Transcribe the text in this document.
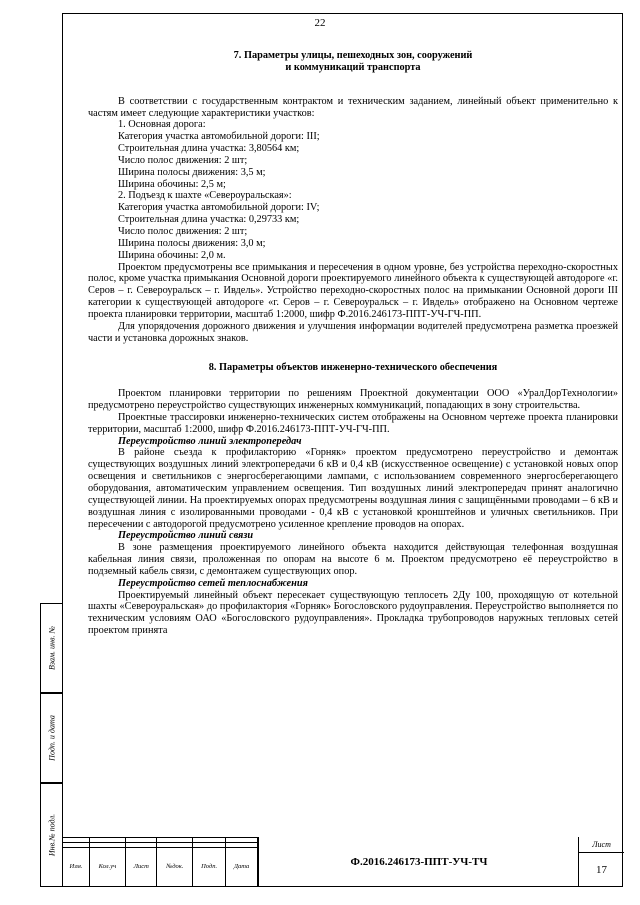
Взам. инв. №
Подп. и дата
Инв.№ подл.
22

7. Параметры улицы, пешеходных зон, сооружений
и коммуникаций транспорта

В соответствии с государственным контрактом и техническим заданием, линейный объект применительно к частям имеет следующие характеристики участков:

1. Основная дорога:

Категория участка автомобильной дороги: III;

Строительная длина участка: 3,80564 км;

Число полос движения: 2 шт;

Ширина полосы движения: 3,5 м;

Ширина обочины: 2,5 м;

2. Подъезд к шахте «Североуральская»:

Категория участка автомобильной дороги: IV;

Строительная длина участка: 0,29733 км;

Число полос движения: 2 шт;

Ширина полосы движения: 3,0 м;

Ширина обочины: 2,0 м.

Проектом предусмотрены все примыкания и пересечения в одном уровне, без устройства переходно-скоростных полос, кроме участка примыкания Основной дороги проектируемого линейного объекта к существующей автодороге «г. Серов – г. Североуральск – г. Ивдель». Устройство переходно-скоростных полос на примыкании Основной дороги III категории к существующей автодороге «г. Серов – г. Североуральск – г. Ивдель» отображено на Основном чертеже проекта планировки территории, масштаб 1:2000, шифр Ф.2016.246173-ППТ-УЧ-ГЧ-ПП.

Для упорядочения дорожного движения и улучшения информации водителей предусмотрена разметка проезжей части и установка дорожных знаков.

8. Параметры объектов инженерно-технического обеспечения

Проектом планировки территории по решениям Проектной документации ООО «УралДорТехнологии» предусмотрено переустройство существующих инженерных коммуникаций, попадающих в зону строительства.

Проектные трассировки инженерно-технических систем отображены на Основном чертеже проекта планировки территории, масштаб 1:2000, шифр Ф.2016.246173-ППТ-УЧ-ГЧ-ПП.

Переустройство линий электропередач

В районе съезда к профилакторию «Горняк» проектом предусмотрено переустройство и демонтаж существующих воздушных линий электропередачи 6 кВ и 0,4 кВ (искусственное освещение) с установкой новых опор освещения и светильников с энергосберегающими лампами, с использованием современного энергосберегающего оборудования, автоматическим управлением освещения. Тип воздушных линий электропередач принят аналогично существующей линии. На проектируемых опорах предусмотрены воздушная линия с защищёнными проводами – 6 кВ и воздушная линия с изолированными проводами - 0,4 кВ с установкой кронштейнов и уличных светильников. При пересечении с автодорогой предусмотрено усиленное крепление проводов на опорах.

Переустройство линий связи

В зоне размещения проектируемого линейного объекта находится действующая телефонная воздушная кабельная линия связи, проложенная по опорам на высоте 6 м. Проектом предусмотрено её переустройство в подземный кабель связи, с демонтажем существующих опор.

Переустройство сетей теплоснабжения

Проектируемый линейный объект пересекает существующую теплосеть 2Ду 100, проходящую от котельной шахты «Североуральская» до профилактория «Горняк» Богословского рудоуправления. Переустройство выполняется по техническим условиям ОАО «Богословского рудоуправления». Прокладка трубопроводов наружных тепловых сетей проектом принята

Изм.	Кол.уч	Лист	№док.	Подп.	Дата	Ф.2016.246173-ППТ-УЧ-ТЧ
Лист
17
